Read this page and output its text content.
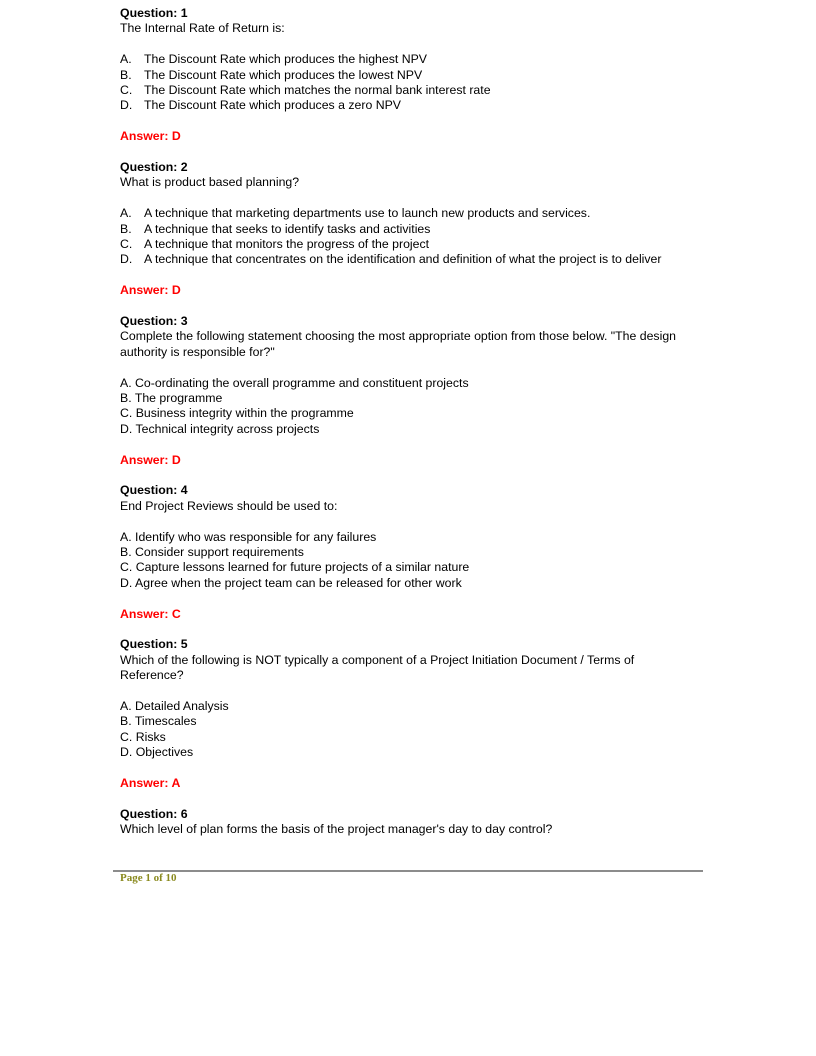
Question: 1

The Internal Rate of Return is:

A. The Discount Rate which produces the highest NPV

B. The Discount Rate which produces the lowest NPV

C. The Discount Rate which matches the normal bank interest rate

D. The Discount Rate which produces a zero NPV

Answer: D

Question: 2

What is product based planning?

A. A technique that marketing departments use to launch new products and services.

B. A technique that seeks to identify tasks and activities

C. A technique that monitors the progress of the project

D. A technique that concentrates on the identification and definition of what the project is to deliver

Answer: D

Question: 3

Complete the following statement choosing the most appropriate option from those below. "The design authority is responsible for?"

A. Co-ordinating the overall programme and constituent projects

B. The programme

C. Business integrity within the programme

D. Technical integrity across projects

Answer: D

Question: 4

End Project Reviews should be used to:

A. Identify who was responsible for any failures

B. Consider support requirements

C. Capture lessons learned for future projects of a similar nature

D. Agree when the project team can be released for other work

Answer: C

Question: 5

Which of the following is NOT typically a component of a Project Initiation Document / Terms of Reference?

A. Detailed Analysis

B. Timescales

C. Risks

D. Objectives

Answer: A

Question: 6

Which level of plan forms the basis of the project manager's day to day control?

Page 1 of 10
